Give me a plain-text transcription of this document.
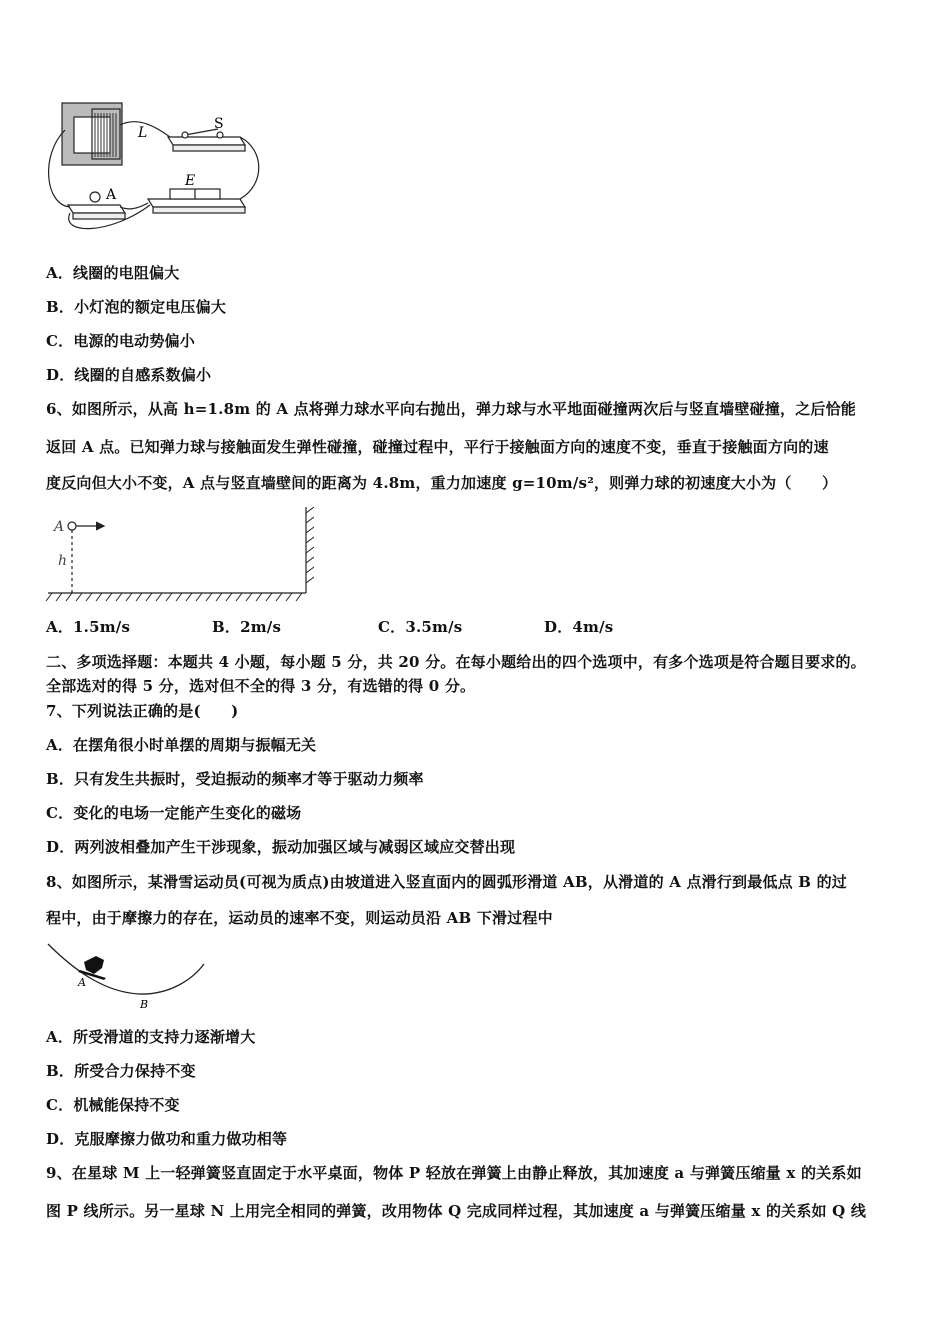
S
L
A
E
A．线圈的电阻偏大
B．小灯泡的额定电压偏大
C．电源的电动势偏小
D．线圈的自感系数偏小
6、如图所示，从高 h=1.8m 的 A 点将弹力球水平向右抛出，弹力球与水平地面碰撞两次后与竖直墙壁碰撞，之后恰能
返回 A 点。已知弹力球与接触面发生弹性碰撞，碰撞过程中，平行于接触面方向的速度不变，垂直于接触面方向的速
度反向但大小不变，A 点与竖直墙壁间的距离为 4.8m，重力加速度 g=10m/s²，则弹力球的初速度大小为（　　）
A
h
A．1.5m/s	B．2m/s	C．3.5m/s	D．4m/s
二、多项选择题：本题共 4 小题，每小题 5 分，共 20 分。在每小题给出的四个选项中，有多个选项是符合题目要求的。
全部选对的得 5 分，选对但不全的得 3 分，有选错的得 0 分。
7、下列说法正确的是(　　)
A．在摆角很小时单摆的周期与振幅无关
B．只有发生共振时，受迫振动的频率才等于驱动力频率
C．变化的电场一定能产生变化的磁场
D．两列波相叠加产生干涉现象，振动加强区域与减弱区域应交替出现
8、如图所示，某滑雪运动员(可视为质点)由坡道进入竖直面内的圆弧形滑道 AB，从滑道的 A 点滑行到最低点 B 的过
程中，由于摩擦力的存在，运动员的速率不变，则运动员沿 AB 下滑过程中
A
B
A．所受滑道的支持力逐渐增大
B．所受合力保持不变
C．机械能保持不变
D．克服摩擦力做功和重力做功相等
9、在星球 M 上一轻弹簧竖直固定于水平桌面，物体 P 轻放在弹簧上由静止释放，其加速度 a 与弹簧压缩量 x 的关系如
图 P 线所示。另一星球 N 上用完全相同的弹簧，改用物体 Q 完成同样过程，其加速度 a 与弹簧压缩量 x 的关系如 Q 线
